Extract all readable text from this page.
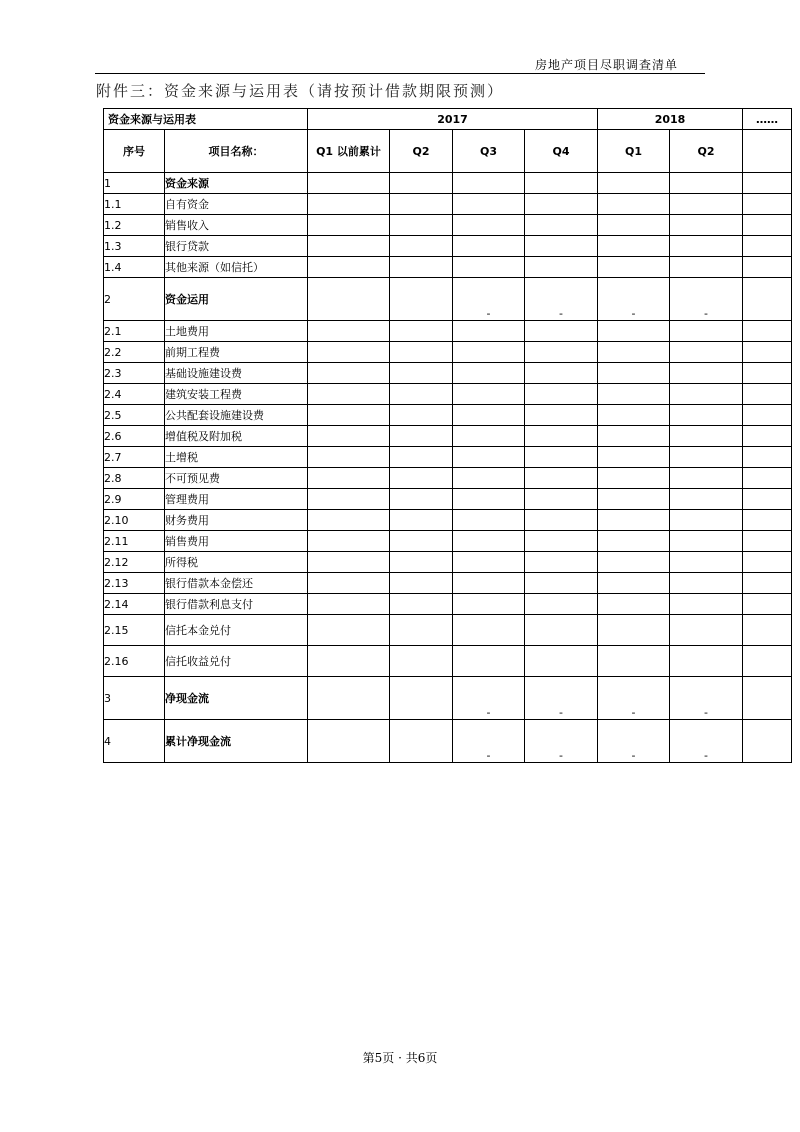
房地产项目尽职调查清单
附件三：资金来源与运用表（请按预计借款期限预测）
资金来源与运用表		2017				2018		……
序号	项目名称：	Q1 以前累计	Q2	Q3	Q4	Q1	Q2	
1	资金来源							
1.1	自有资金							
1.2	销售收入							
1.3	银行贷款							
1.4	其他来源（如信托）							
2	资金运用			-	-	-	-	
2.1	土地费用							
2.2	前期工程费							
2.3	基础设施建设费							
2.4	建筑安装工程费							
2.5	公共配套设施建设费							
2.6	增值税及附加税							
2.7	土增税							
2.8	不可预见费							
2.9	管理费用							
2.10	财务费用							
2.11	销售费用							
2.12	所得税							
2.13	银行借款本金偿还							
2.14	银行借款利息支付							
2.15	信托本金兑付							
2.16	信托收益兑付							
3	净现金流			-	-	-	-	
4	累计净现金流			-	-	-	-	
第5页 · 共6页
